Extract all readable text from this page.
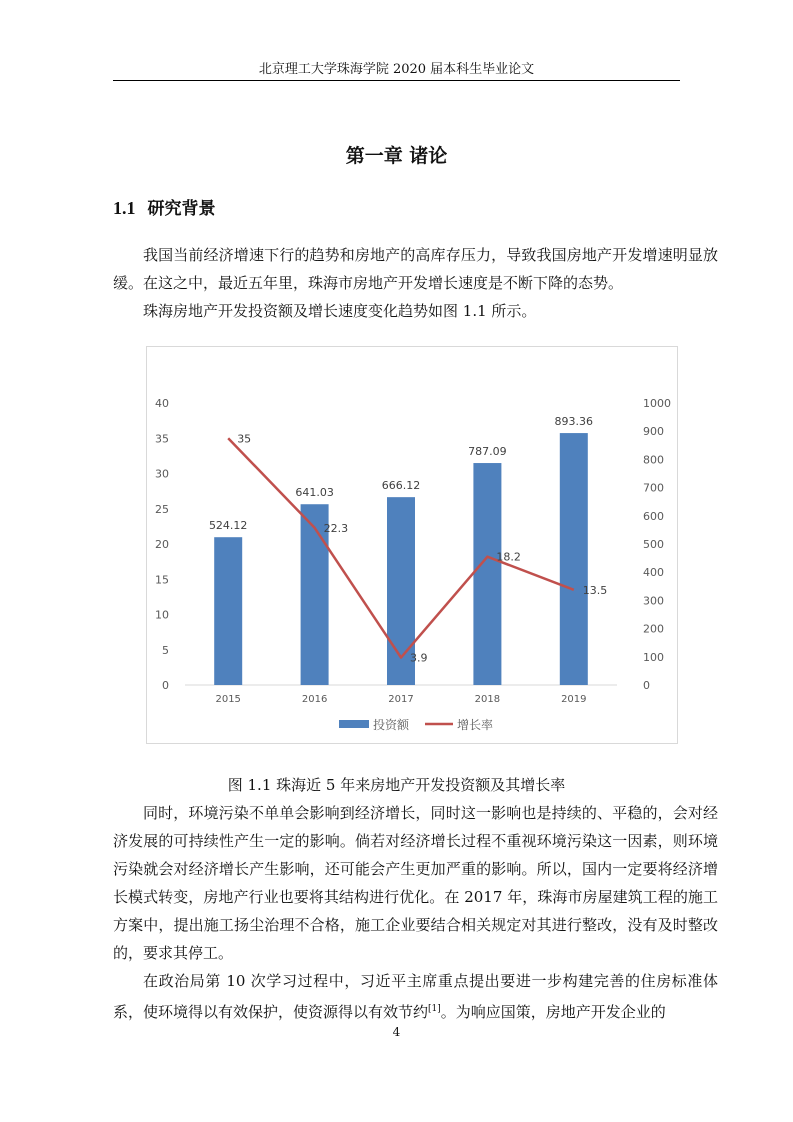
北京理工大学珠海学院 2020 届本科生毕业论文
第一章 诸论
1.1 研究背景

我国当前经济增速下行的趋势和房地产的高库存压力，导致我国房地产开发增速明显放缓。在这之中，最近五年里，珠海市房地产开发增长速度是不断下降的态势。

珠海房地产开发投资额及增长速度变化趋势如图 1.1 所示。

0
5
10
15
20
25
30
35
40
0
100
200
300
400
500
600
700
800
900
1000
524.12
641.03
666.12
787.09
893.36
2015	2016	2017	2018	2019
35
22.3
3.9
18.2
13.5
投资额	增长率
图 1.1 珠海近 5 年来房地产开发投资额及其增长率

同时，环境污染不单单会影响到经济增长，同时这一影响也是持续的、平稳的，会对经济发展的可持续性产生一定的影响。倘若对经济增长过程不重视环境污染这一因素，则环境污染就会对经济增长产生影响，还可能会产生更加严重的影响。所以，国内一定要将经济增长模式转变，房地产行业也要将其结构进行优化。在 2017 年，珠海市房屋建筑工程的施工方案中，提出施工扬尘治理不合格，施工企业要结合相关规定对其进行整改，没有及时整改的，要求其停工。

在政治局第 10 次学习过程中，习近平主席重点提出要进一步构建完善的住房标准体系，使环境得以有效保护，使资源得以有效节约[1]。为响应国策，房地产开发企业的

4
